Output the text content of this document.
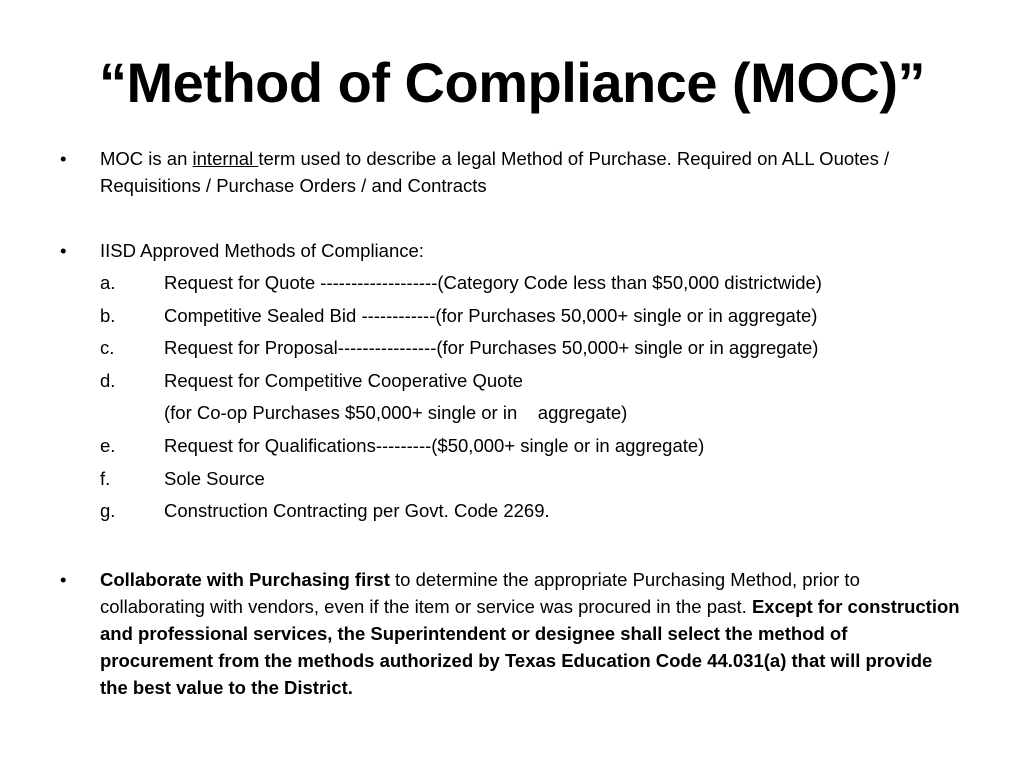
“Method of Compliance (MOC)”
• MOC is an internal term used to describe a legal Method of Purchase. Required on ALL Ouotes / Requisitions / Purchase Orders / and Contracts
• IISD Approved Methods of Compliance:
a.	Request for Quote -------------------(Category Code less than $50,000 districtwide)
b.	Competitive Sealed Bid ------------(for Purchases 50,000+ single or in aggregate)
c.	Request for Proposal----------------(for Purchases 50,000+ single or in aggregate)
d.	Request for Competitive Cooperative Quote
(for Co-op Purchases $50,000+ single or in    aggregate)
e.	Request for Qualifications---------($50,000+ single or in aggregate)
f.	Sole Source
g.	Construction Contracting per Govt. Code 2269.
• Collaborate with Purchasing first to determine the appropriate Purchasing Method, prior to collaborating with vendors, even if the item or service was procured in the past. Except for construction and professional services, the Superintendent or designee shall select the method of procurement from the methods authorized by Texas Education Code 44.031(a) that will provide the best value to the District.
